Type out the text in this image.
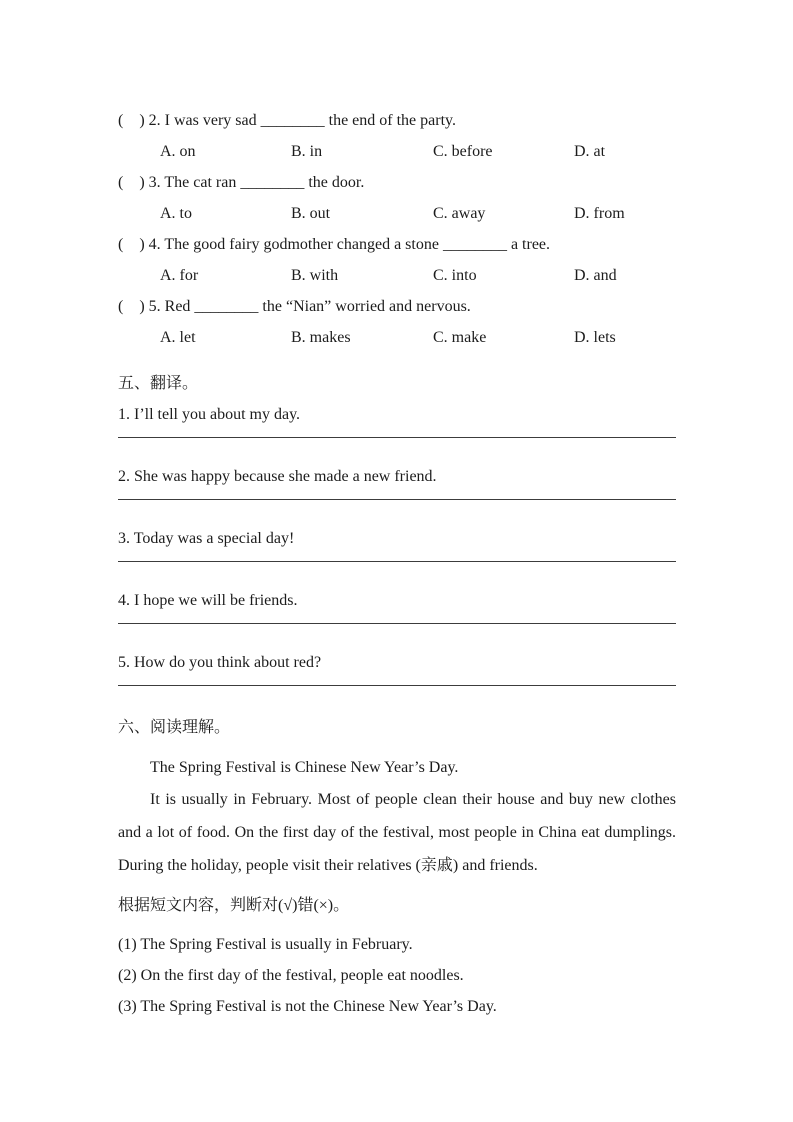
(    ) 2. I was very sad ________ the end of the party.
A. on	B. in	C. before	D. at
(    ) 3. The cat ran ________ the door.
A. to	B. out	C. away	D. from
(    ) 4. The good fairy godmother changed a stone ________ a tree.
A. for	B. with	C. into	D. and
(    ) 5. Red ________ the “Nian” worried and nervous.
A. let	B. makes	C. make	D. lets
五、翻译。
1. I’ll tell you about my day.
2. She was happy because she made a new friend.
3. Today was a special day!
4. I hope we will be friends.
5. How do you think about red?
六、阅读理解。
The Spring Festival is Chinese New Year’s Day.
It is usually in February. Most of people clean their house and buy new clothes
and a lot of food. On the first day of the festival, most people in China eat dumplings.
During the holiday, people visit their relatives (亲戚) and friends.
根据短文内容，判断对(√)错(×)。
(1) The Spring Festival is usually in February.
(2) On the first day of the festival, people eat noodles.
(3) The Spring Festival is not the Chinese New Year’s Day.
